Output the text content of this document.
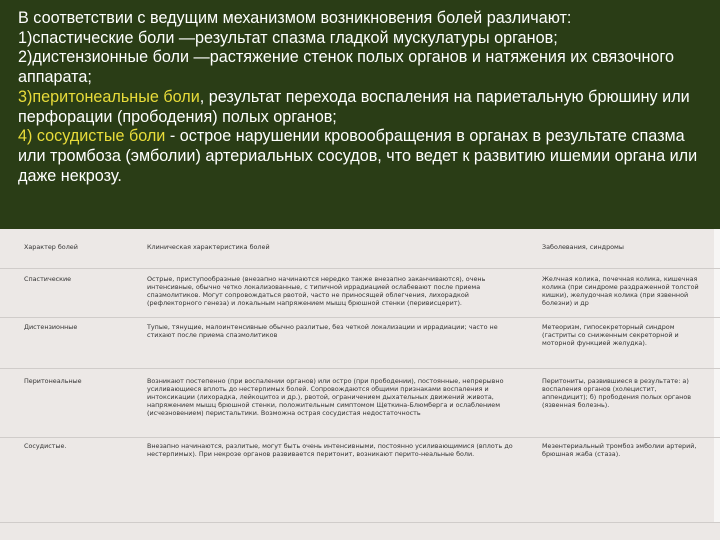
В соответствии с ведущим механизмом возникновения болей различают:

1)спастические боли —результат спазма гладкой мускулатуры органов;

2)дистензионные боли —растяжение стенок полых органов и натяжения их связочного аппарата;

3)перитонеальные боли, результат перехода воспаления на париетальную брюшину или перфорации (прободения) полых органов;

4) сосудистые боли - острое нарушении кровообращения в органах в результате спазма или тромбоза (эмболии) артериальных сосудов, что ведет к развитию ишемии органа или даже некрозу.

Характер болей	Клиническая характеристика болей	Заболевания, синдромы	
Спастические	Острые, приступообразные (внезапно начинаются нередко также внезапно заканчиваются), очень интенсивные, обычно четко локализованные, с типичной иррадиацией ослабевают после приема спазмолитиков. Могут сопровождаться рвотой, часто не приносящей облегчения, лихорадкой (рефлекторного генеза) и локальным напряжением мышц брюшной стенки (перивисцерит).	Желчная колика, почечная колика, кишечная колика (при синдроме раздраженной толстой кишки), желудочная колика (при язвенной болезни) и др	
Дистензионные	Тупые, тянущие, малоинтенсивные обычно разлитые, без четкой локализации и иррадиации; часто не стихают после приема спазмолитиков	Метеоризм, гипосекреторный синдром (гастриты со сниженным секреторной и моторной функцией желудка).	
Перитонеальные	Возникают постепенно (при воспалении органов) или остро (при прободении), постоянные, непрерывно усиливающиеся вплоть до нестерпимых болей. Сопровождаются общими признаками воспаления и интоксикации (лихорадка, лейкоцитоз и др.), рвотой, ограничением дыхательных движений живота, напряжением мышц брюшной стенки, положительным симптомом Щеткина-Блюмберга и ослаблением (исчезновением) перистальтики. Возможна острая сосудистая недостаточность	Перитониты, развившиеся в результате: а) воспаления органов (холецистит, аппендицит); б) прободения полых органов (язвенная болезнь).	
Сосудистые.	Внезапно начинаются, разлитые, могут быть очень интенсивными, постоянно усиливающимися (вплоть до нестерпимых). При некрозе органов развивается перитонит, возникают перито-неальные боли.	Мезентериальный тромбоз эмболии артерий, брюшная жаба (стаза).	
